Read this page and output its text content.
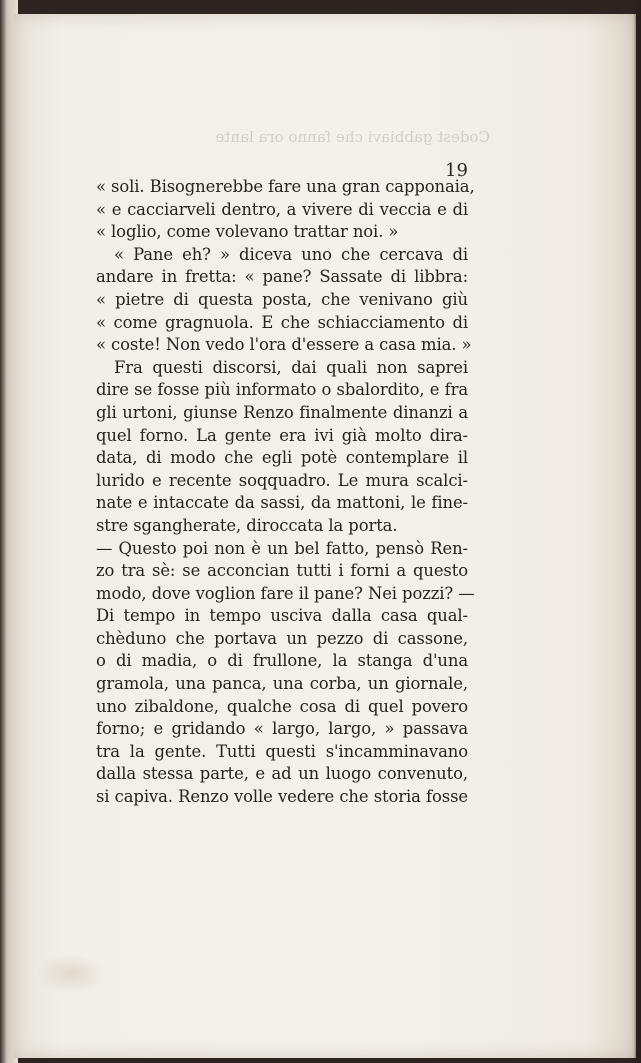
Codest gabbiavi che fanno ora lante
19
« soli. Bisognerebbe fare una gran capponaia,
« e cacciarveli dentro, a vivere di veccia e di
« loglio, come volevano trattar noi. »
« Pane eh? » diceva uno che cercava di
andare in fretta: « pane? Sassate di libbra:
« pietre di questa posta, che venivano giù
« come gragnuola. E che schiacciamento di
« coste! Non vedo l'ora d'essere a casa mia. »
Fra questi discorsi, dai quali non saprei
dire se fosse più informato o sbalordito, e fra
gli urtoni, giunse Renzo finalmente dinanzi a
quel forno. La gente era ivi già molto dira-
data, di modo che egli potè contemplare il
lurido e recente soqquadro. Le mura scalci-
nate e intaccate da sassi, da mattoni, le fine-
stre sgangherate, diroccata la porta.
— Questo poi non è un bel fatto, pensò Ren-
zo tra sè: se acconcian tutti i forni a questo
modo, dove voglion fare il pane? Nei pozzi? —
Di tempo in tempo usciva dalla casa qual-
chèduno che portava un pezzo di cassone,
o di madia, o di frullone, la stanga d'una
gramola, una panca, una corba, un giornale,
uno zibaldone, qualche cosa di quel povero
forno; e gridando « largo, largo, » passava
tra la gente. Tutti questi s'incamminavano
dalla stessa parte, e ad un luogo convenuto,
si capiva. Renzo volle vedere che storia fosse
